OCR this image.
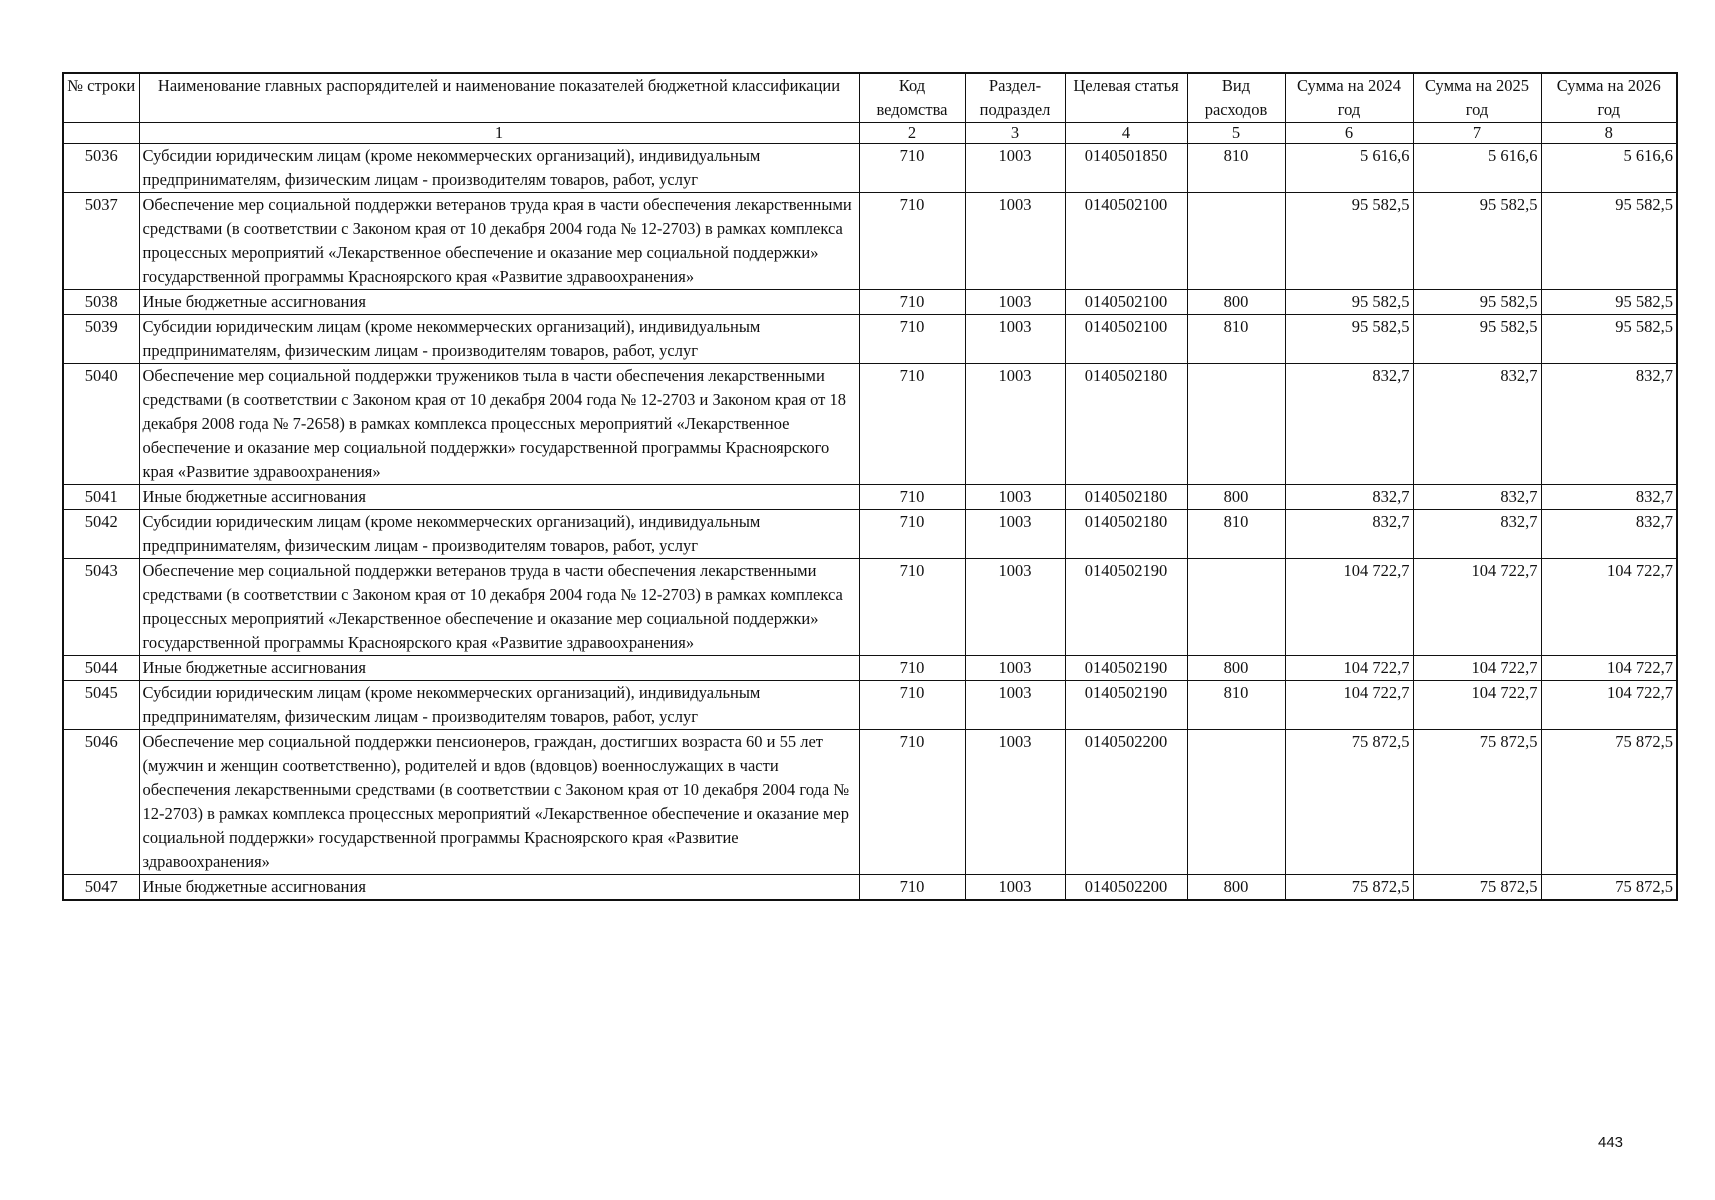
№ строки	Наименование главных распорядителей и наименование показателей бюджетной классификации	Код ведомства	Раздел-подраздел	Целевая статья	Вид расходов	Сумма на 2024 год	Сумма на 2025 год	Сумма на 2026 год
	1	2	3	4	5	6	7	8
5036	Субсидии юридическим лицам (кроме некоммерческих организаций), индивидуальным предпринимателям, физическим лицам - производителям товаров, работ, услуг	710	1003	0140501850	810	5 616,6	5 616,6	5 616,6
5037	Обеспечение мер социальной поддержки ветеранов труда края в части обеспечения лекарственными средствами (в соответствии с Законом края от 10 декабря 2004 года № 12-2703) в рамках комплекса процессных мероприятий «Лекарственное обеспечение и оказание мер социальной поддержки» государственной программы Красноярского края «Развитие здравоохранения»	710	1003	0140502100		95 582,5	95 582,5	95 582,5
5038	Иные бюджетные ассигнования	710	1003	0140502100	800	95 582,5	95 582,5	95 582,5
5039	Субсидии юридическим лицам (кроме некоммерческих организаций), индивидуальным предпринимателям, физическим лицам - производителям товаров, работ, услуг	710	1003	0140502100	810	95 582,5	95 582,5	95 582,5
5040	Обеспечение мер социальной поддержки тружеников тыла в части обеспечения лекарственными средствами (в соответствии с Законом края от 10 декабря 2004 года № 12-2703 и Законом края от 18 декабря 2008 года № 7-2658) в рамках комплекса процессных мероприятий «Лекарственное обеспечение и оказание мер социальной поддержки» государственной программы Красноярского края «Развитие здравоохранения»	710	1003	0140502180		832,7	832,7	832,7
5041	Иные бюджетные ассигнования	710	1003	0140502180	800	832,7	832,7	832,7
5042	Субсидии юридическим лицам (кроме некоммерческих организаций), индивидуальным предпринимателям, физическим лицам - производителям товаров, работ, услуг	710	1003	0140502180	810	832,7	832,7	832,7
5043	Обеспечение мер социальной поддержки ветеранов труда в части обеспечения лекарственными средствами (в соответствии с Законом края от 10 декабря 2004 года № 12-2703) в рамках комплекса процессных мероприятий «Лекарственное обеспечение и оказание мер социальной поддержки» государственной программы Красноярского края «Развитие здравоохранения»	710	1003	0140502190		104 722,7	104 722,7	104 722,7
5044	Иные бюджетные ассигнования	710	1003	0140502190	800	104 722,7	104 722,7	104 722,7
5045	Субсидии юридическим лицам (кроме некоммерческих организаций), индивидуальным предпринимателям, физическим лицам - производителям товаров, работ, услуг	710	1003	0140502190	810	104 722,7	104 722,7	104 722,7
5046	Обеспечение мер социальной поддержки пенсионеров, граждан, достигших возраста 60 и 55 лет (мужчин и женщин соответственно), родителей и вдов (вдовцов) военнослужащих в части обеспечения лекарственными средствами (в соответствии с Законом края от 10 декабря 2004 года № 12-2703) в рамках комплекса процессных мероприятий «Лекарственное обеспечение и оказание мер социальной поддержки» государственной программы Красноярского края «Развитие здравоохранения»	710	1003	0140502200		75 872,5	75 872,5	75 872,5
5047	Иные бюджетные ассигнования	710	1003	0140502200	800	75 872,5	75 872,5	75 872,5
443
